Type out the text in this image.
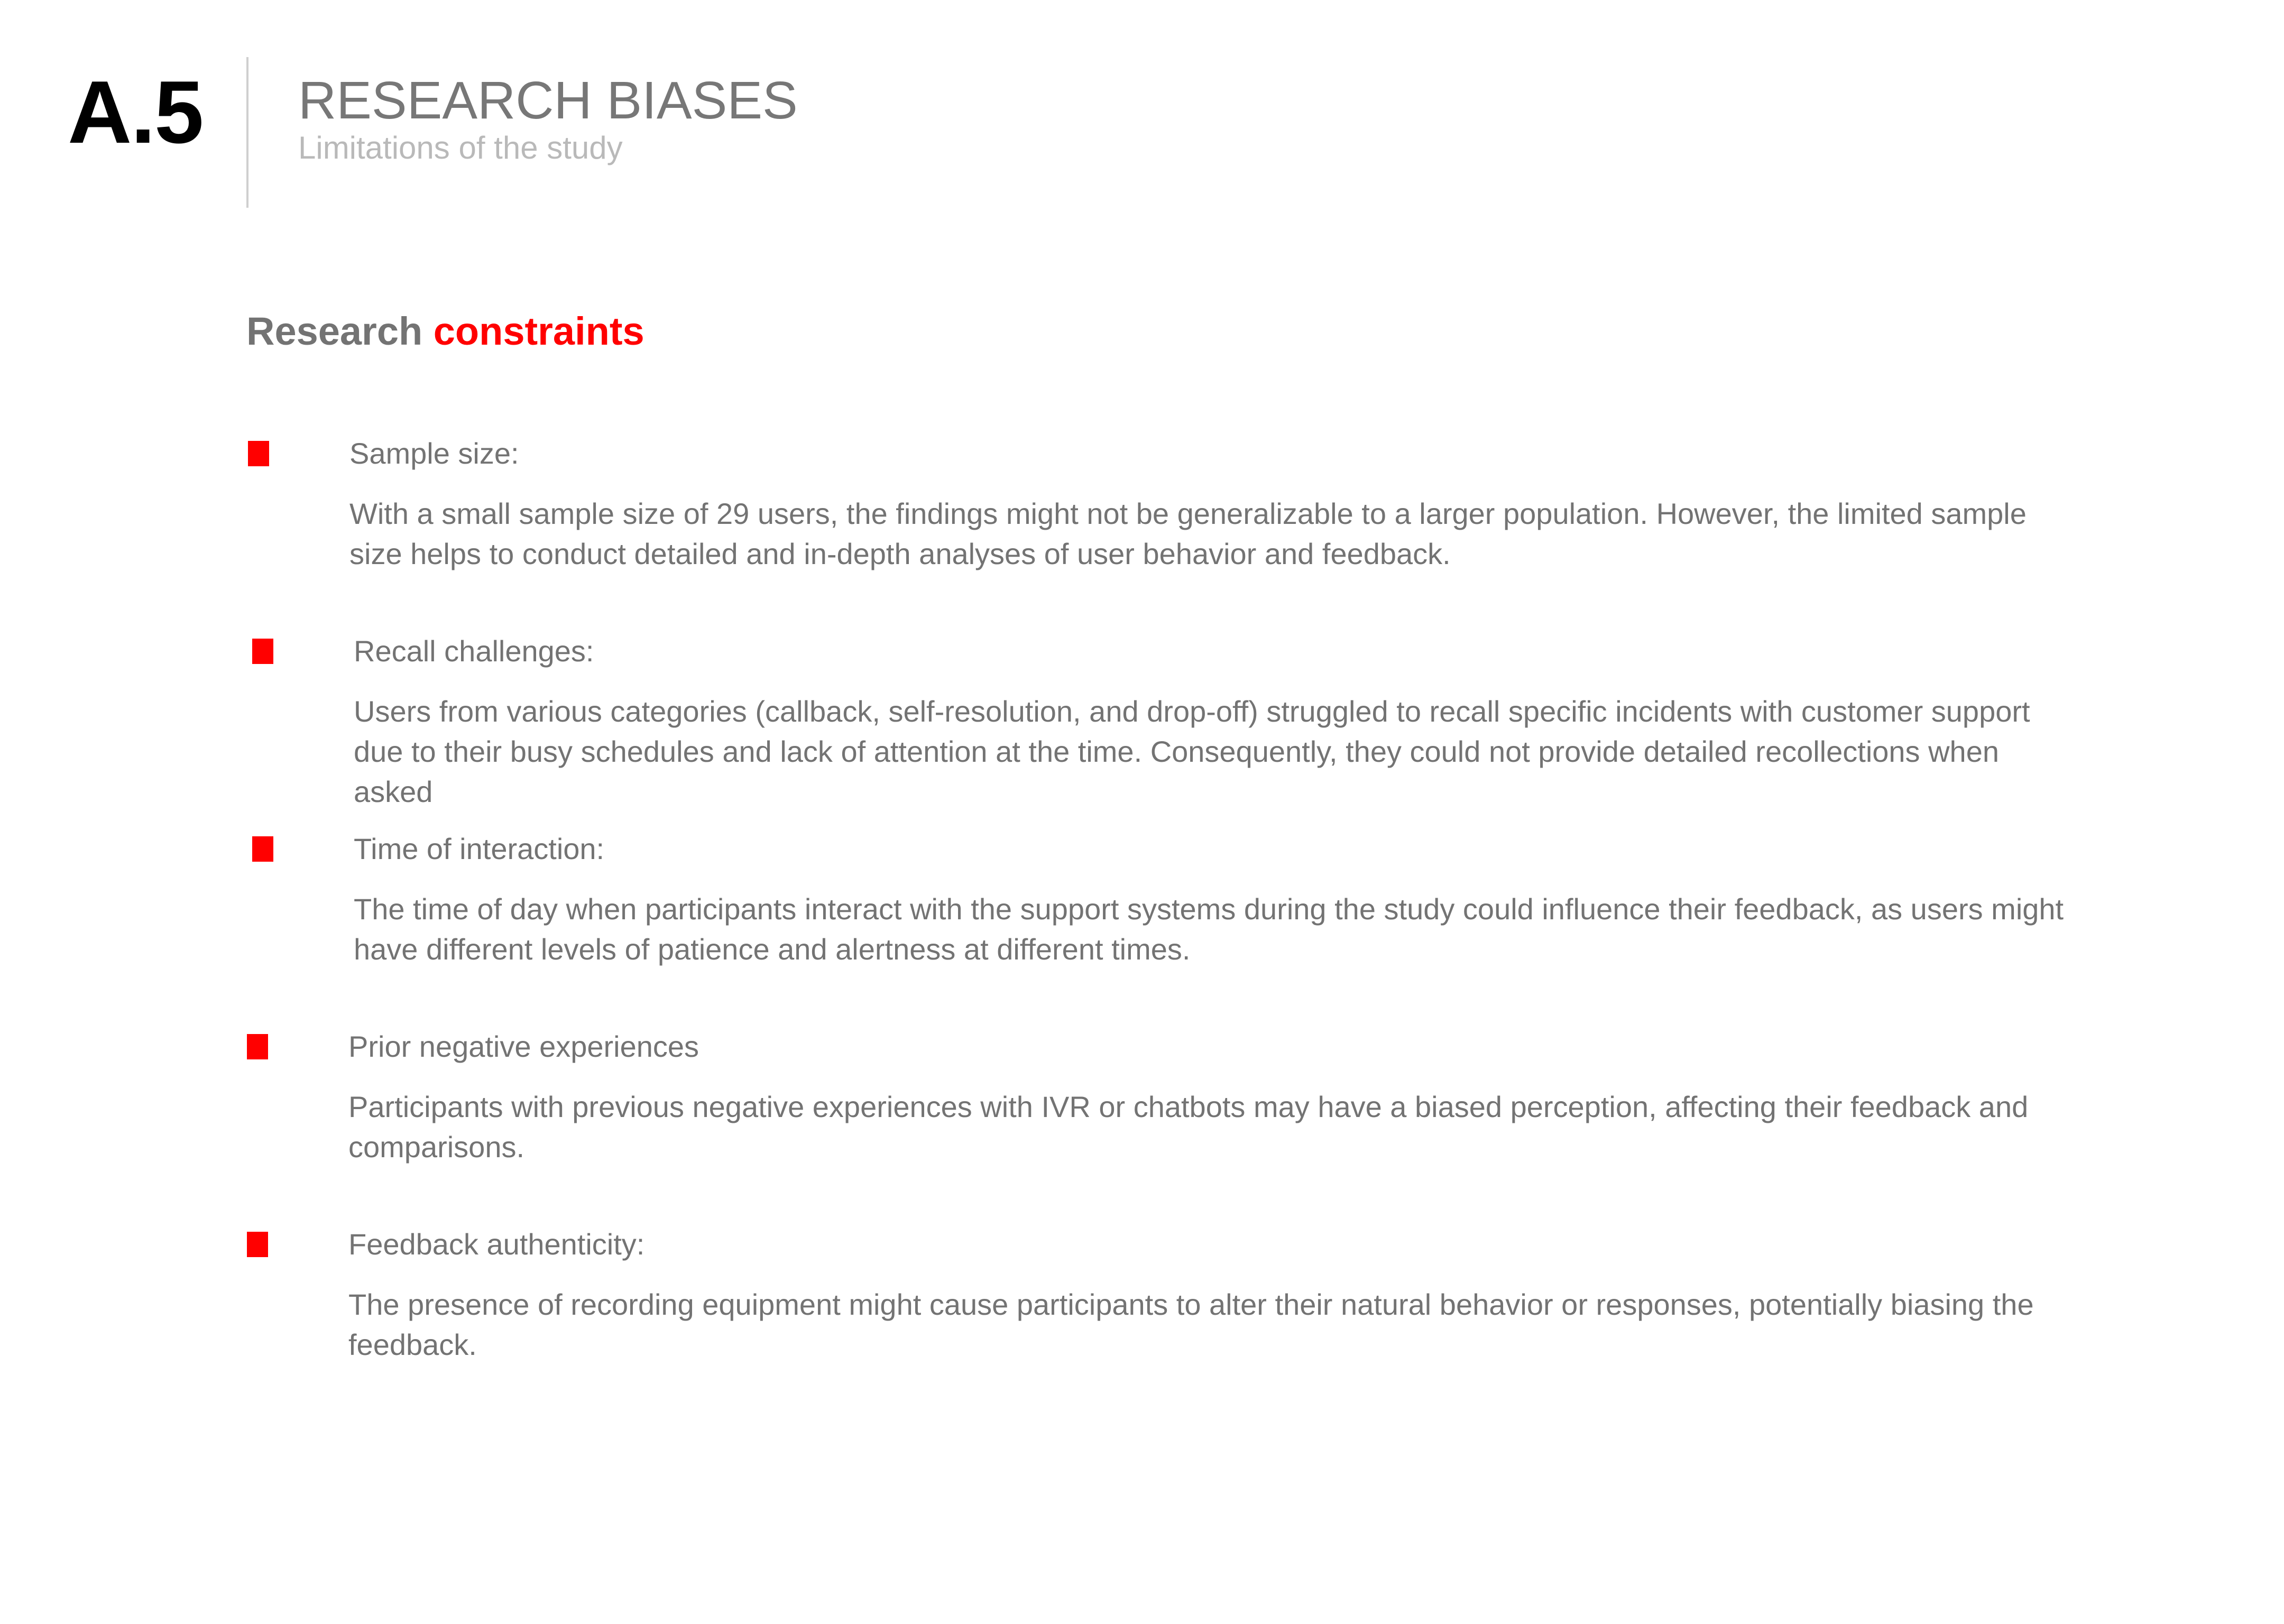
A.5 RESEARCH BIASES
Limitations of the study
Research constraints
Sample size:
With a small sample size of 29 users, the findings might not be generalizable to a larger population. However, the limited sample size helps to conduct detailed and in-depth analyses of user behavior and feedback.
Recall challenges:
Users from various categories (callback, self-resolution, and drop-off) struggled to recall specific incidents with customer support due to their busy schedules and lack of attention at the time. Consequently, they could not provide detailed recollections when asked
Time of interaction:
The time of day when participants interact with the support systems during the study could influence their feedback, as users might have different levels of patience and alertness at different times.
Prior negative experiences
Participants with previous negative experiences with IVR or chatbots may have a biased perception, affecting their feedback and comparisons.
Feedback authenticity:
The presence of recording equipment might cause participants to alter their natural behavior or responses, potentially biasing the feedback.
